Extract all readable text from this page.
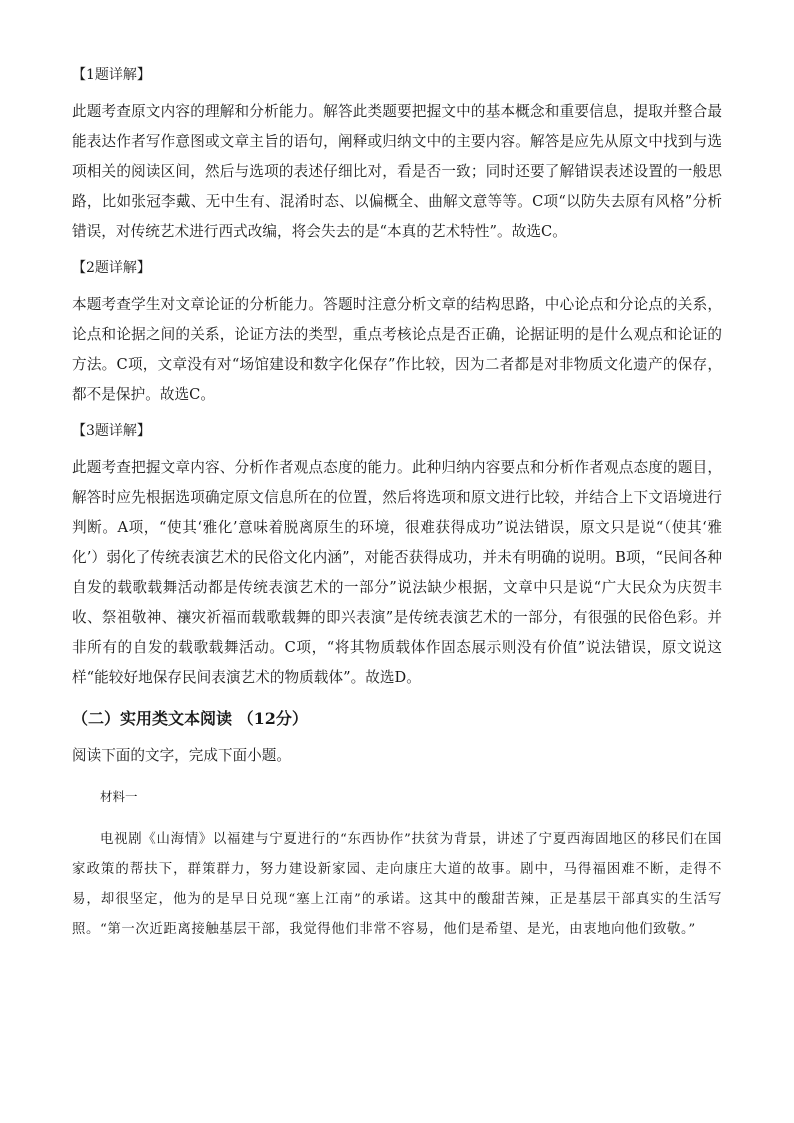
【1题详解】

此题考查原文内容的理解和分析能力。解答此类题要把握文中的基本概念和重要信息，提取并整合最能表达作者写作意图或文章主旨的语句，阐释或归纳文中的主要内容。解答是应先从原文中找到与选项相关的阅读区间，然后与选项的表述仔细比对，看是否一致；同时还要了解错误表述设置的一般思路，比如张冠李戴、无中生有、混淆时态、以偏概全、曲解文意等等。C项“以防失去原有风格”分析错误，对传统艺术进行西式改编，将会失去的是“本真的艺术特性”。故选C。

【2题详解】

本题考查学生对文章论证的分析能力。答题时注意分析文章的结构思路，中心论点和分论点的关系，论点和论据之间的关系，论证方法的类型，重点考核论点是否正确，论据证明的是什么观点和论证的方法。C项，文章没有对“场馆建设和数字化保存”作比较，因为二者都是对非物质文化遗产的保存，都不是保护。故选C。

【3题详解】

此题考查把握文章内容、分析作者观点态度的能力。此种归纳内容要点和分析作者观点态度的题目，解答时应先根据选项确定原文信息所在的位置，然后将选项和原文进行比较，并结合上下文语境进行判断。A项，“使其‘雅化’意味着脱离原生的环境，很难获得成功”说法错误，原文只是说“（使其‘雅化’）弱化了传统表演艺术的民俗文化内涵”，对能否获得成功，并未有明确的说明。B项，“民间各种自发的载歌载舞活动都是传统表演艺术的一部分”说法缺少根据，文章中只是说“广大民众为庆贺丰收、祭祖敬神、禳灾祈福而载歌载舞的即兴表演”是传统表演艺术的一部分，有很强的民俗色彩。并非所有的自发的载歌载舞活动。C项，“将其物质载体作固态展示则没有价值”说法错误，原文说这样“能较好地保存民间表演艺术的物质载体”。故选D。

（二）实用类文本阅读 （12分）

阅读下面的文字，完成下面小题。

材料一

电视剧《山海情》以福建与宁夏进行的“东西协作”扶贫为背景，讲述了宁夏西海固地区的移民们在国家政策的帮扶下，群策群力，努力建设新家园、走向康庄大道的故事。剧中，马得福困难不断，走得不易，却很坚定，他为的是早日兑现“塞上江南”的承诺。这其中的酸甜苦辣，正是基层干部真实的生活写照。“第一次近距离接触基层干部，我觉得他们非常不容易，他们是希望、是光，由衷地向他们致敬。”
